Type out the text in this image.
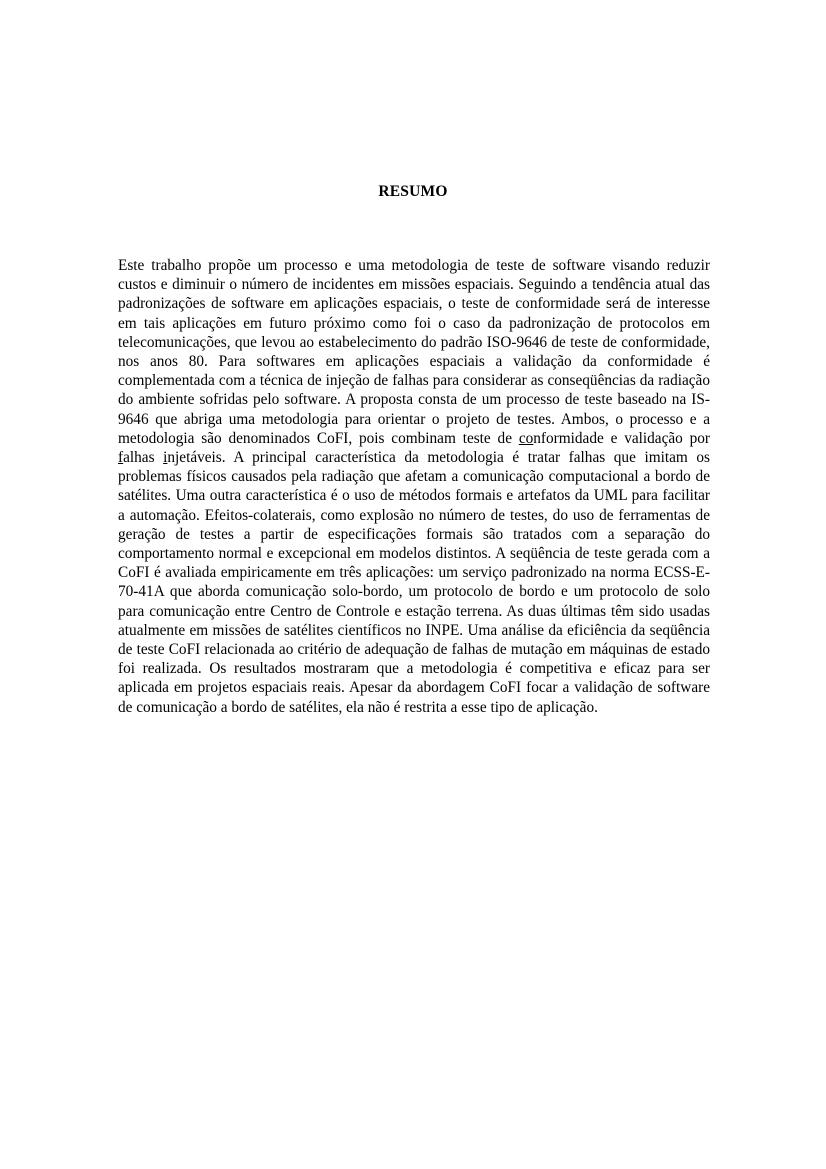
RESUMO

Este trabalho propõe um processo e uma metodologia de teste de software visando reduzir custos e diminuir o número de incidentes em missões espaciais. Seguindo a tendência atual das padronizações de software em aplicações espaciais, o teste de conformidade será de interesse em tais aplicações em futuro próximo como foi o caso da padronização de protocolos em telecomunicações, que levou ao estabelecimento do padrão ISO-9646 de teste de conformidade, nos anos 80. Para softwares em aplicações espaciais a validação da conformidade é complementada com a técnica de injeção de falhas para considerar as conseqüências da radiação do ambiente sofridas pelo software. A proposta consta de um processo de teste baseado na IS-9646 que abriga uma metodologia para orientar o projeto de testes. Ambos, o processo e a metodologia são denominados CoFI, pois combinam teste de conformidade e validação por falhas injetáveis. A principal característica da metodologia é tratar falhas que imitam os problemas físicos causados pela radiação que afetam a comunicação computacional a bordo de satélites. Uma outra característica é o uso de métodos formais e artefatos da UML para facilitar a automação. Efeitos-colaterais, como explosão no número de testes, do uso de ferramentas de geração de testes a partir de especificações formais são tratados com a separação do comportamento normal e excepcional em modelos distintos. A seqüência de teste gerada com a CoFI é avaliada empiricamente em três aplicações: um serviço padronizado na norma ECSS-E-70-41A que aborda comunicação solo-bordo, um protocolo de bordo e um protocolo de solo para comunicação entre Centro de Controle e estação terrena. As duas últimas têm sido usadas atualmente em missões de satélites científicos no INPE. Uma análise da eficiência da seqüência de teste CoFI relacionada ao critério de adequação de falhas de mutação em máquinas de estado foi realizada. Os resultados mostraram que a metodologia é competitiva e eficaz para ser aplicada em projetos espaciais reais. Apesar da abordagem CoFI focar a validação de software de comunicação a bordo de satélites, ela não é restrita a esse tipo de aplicação.
